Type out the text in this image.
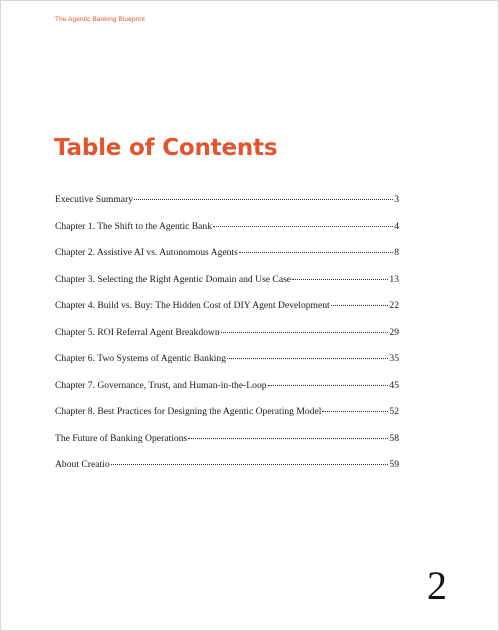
The Agentic Banking Blueprint
Table of Contents
Executive Summary	3
Chapter 1. The Shift to the Agentic Bank	4
Chapter 2. Assistive AI vs. Autonomous Agents	8
Chapter 3. Selecting the Right Agentic Domain and Use Case	13
Chapter 4. Build vs. Buy: The Hidden Cost of DIY Agent Development	22
Chapter 5. ROI Referral Agent Breakdown	29
Chapter 6. Two Systems of Agentic Banking	35
Chapter 7. Governance, Trust, and Human-in-the-Loop	45
Chapter 8. Best Practices for Designing the Agentic Operating Model	52
The Future of Banking Operations	58
About Creatio	59
2
